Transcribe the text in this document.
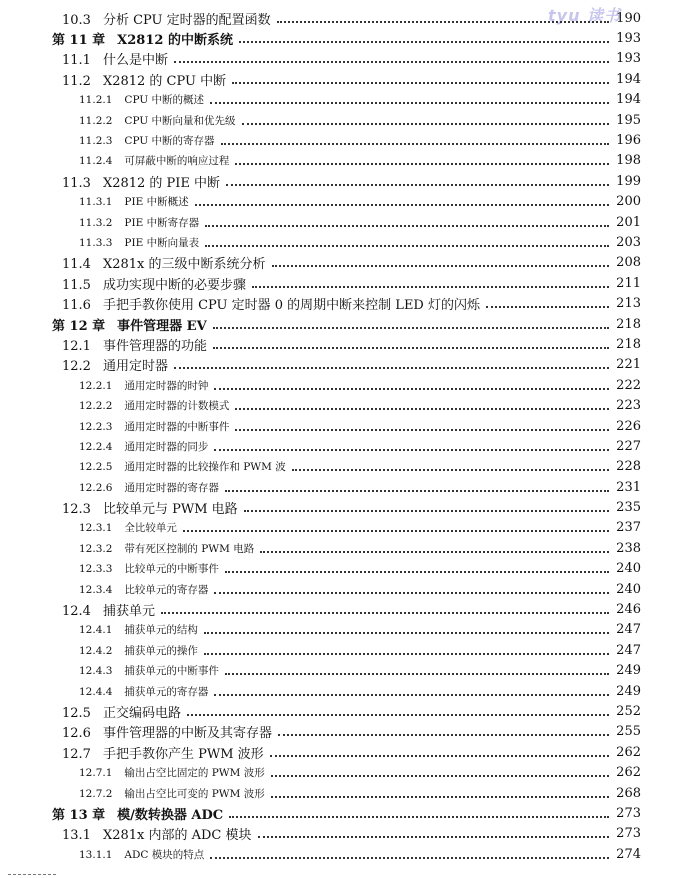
tyu 读书
10.3 分析 CPU 定时器的配置函数	190
第 11 章 X2812 的中断系统	193
11.1 什么是中断	193
11.2 X2812 的 CPU 中断	194
11.2.1 CPU 中断的概述	194
11.2.2 CPU 中断向量和优先级	195
11.2.3 CPU 中断的寄存器	196
11.2.4 可屏蔽中断的响应过程	198
11.3 X2812 的 PIE 中断	199
11.3.1 PIE 中断概述	200
11.3.2 PIE 中断寄存器	201
11.3.3 PIE 中断向量表	203
11.4 X281x 的三级中断系统分析	208
11.5 成功实现中断的必要步骤	211
11.6 手把手教你使用 CPU 定时器 0 的周期中断来控制 LED 灯的闪烁	213
第 12 章 事件管理器 EV	218
12.1 事件管理器的功能	218
12.2 通用定时器	221
12.2.1 通用定时器的时钟	222
12.2.2 通用定时器的计数模式	223
12.2.3 通用定时器的中断事件	226
12.2.4 通用定时器的同步	227
12.2.5 通用定时器的比较操作和 PWM 波	228
12.2.6 通用定时器的寄存器	231
12.3 比较单元与 PWM 电路	235
12.3.1 全比较单元	237
12.3.2 带有死区控制的 PWM 电路	238
12.3.3 比较单元的中断事件	240
12.3.4 比较单元的寄存器	240
12.4 捕获单元	246
12.4.1 捕获单元的结构	247
12.4.2 捕获单元的操作	247
12.4.3 捕获单元的中断事件	249
12.4.4 捕获单元的寄存器	249
12.5 正交编码电路	252
12.6 事件管理器的中断及其寄存器	255
12.7 手把手教你产生 PWM 波形	262
12.7.1 输出占空比固定的 PWM 波形	262
12.7.2 输出占空比可变的 PWM 波形	268
第 13 章 模/数转换器 ADC	273
13.1 X281x 内部的 ADC 模块	273
13.1.1 ADC 模块的特点	274
